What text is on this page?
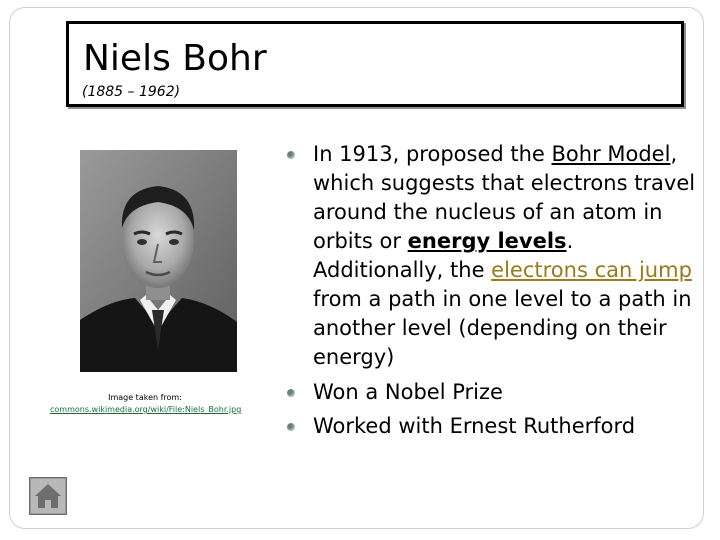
Niels Bohr
(1885 – 1962)
Image taken from:
commons.wikimedia.org/wiki/File:Niels_Bohr.jpg
In 1913, proposed the Bohr Model, which suggests that electrons travel around the nucleus of an atom in orbits or energy levels. Additionally, the electrons can jump from a path in one level to a path in another level (depending on their energy)
Won a Nobel Prize
Worked with Ernest Rutherford
